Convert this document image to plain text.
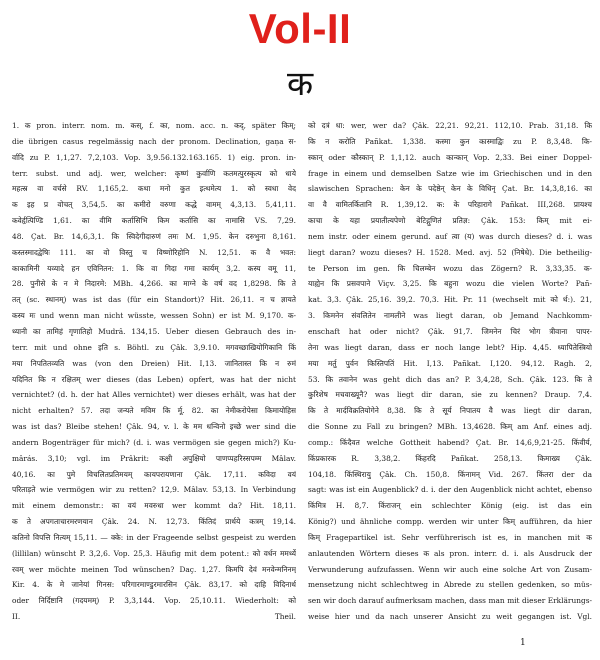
Vol-II
क
1. क pron. interr. nom. m. कस्, f. का, nom. acc. n. कद्, später किम्;
die übrigen casus regelmässig nach der pronom. Declination, gaṇa स-
र्वादि zu P. 1,1,27. 7,2,103. Vop. 3,9.56.132.163.165. 1) eig. pron. in-
terr. subst. und adj. wer, welcher: कृष्णं कुर्वाणि कतमत्पुरस्कृत्य को धाये
महत्स्र वा वर्चसे RV. 1,165,2. कथा मनो कुत इत्थमेत्य 1. को स्वधा वेद
क इह प्र वोचत् 3,54,5. का कमीरो वरुणा कद्धे वामम् 4,3,13. 5,41,11.
कवेर्हृत्पिण्डि 1,61. का वीमि कर्तासिभि किम कर्तासि का नामासि VS. 7,29.
48. Çat. Br. 14,6,3,1. कि स्विदेगीदारुणं तमः M. 1,95. केन दरुभुना 8,161.
कस्तस्मादद्वेषिः 111. का वो विस्तु च विष्णोरिहोनि N. 12,51. क वै भवत:
काकामिनी यव्यादे हन एविनितन: 1. कि वा गिदा गमा कार्यम् 3,2. कस्य वमू 11,
28. पुनीसे के न मे निदारमे: MBh. 4,266. का माग्ने के वर्ष वद 1,8298. कि ते
तत् (sc. स्थानम्) was ist das (für ein Standort)? Hit. 26,11. न च ज्ञायते
कस्य मः und wenn man nicht wüsste, wessen Sohn) er ist M. 9,170. क-
थ्यानी का तामिहं गृणातिहो Mudrâ. 134,15. Ueber diesen Gebrauch des in-
terr. mit und ohne इति s. Böhtl. zu Çâk. 3,9.10. मगवच्छाखियोगिकानि किं
मया निपतितव्यति was (von den Dreien) Hit. I,13. जानितास्त कि न रुमं
यदिनित कि न रक्षितम् wer dieses (das Leben) opfert, was hat der nicht
vernichtet? (d. h. der hat Alles vernichtet) wer dieses erhält, was hat der
nicht erhalten? 57. तदा जन्यते मविम कि र्मू. 82. का नेमीकरोपेसा किमायोहिस
was ist das? Bleibe stehen! Çâk. 94, v. l. के मम धन्विनो इच्छे wer sind die
andern Bogenträger für mich? (d. i. was vermögen sie gegen mich?) Ku-
mârás. 3,10; vgl. im Prâkrit: कक्षी अपुक्षियो पाणप्पहरिस्सपम्म Mâlav.
40,16. का पुमे विचलितप्रतिमयम् कायपरायणाना Çâk. 17,11. कविदा वयं
परिताड़ते wie vermögen wir zu retten? 12,9. Mâlav. 53,13. In Verbindung
mit einem demonstr.: का वयं मवरुधा wer kommt da? Hit. 18,11.
क ते अपगताचारमरणयान Çâk. 24. N. 12,73. किंतिदं प्रार्थये कत्रम् 19,14.
कतिनो विपत्ति नित्यम् 15,11. — क्के: in der Frageende selbst gespeist zu werden
(lillilan) wünscht P. 3,2,6. Vop. 25,3. Häufig mit dem potent.: को वर्धन ममर्थ्ये
रवम् wer möchte meinen Tod wünschen? Daç. 1,27. किमपि देवं मनवेन्मनिनम्
Kir. 4. के मे जानेयां गिनस: परिगारमाण्डुरमारसिन Çâk. 83,17. को दाहि विदिनार्थ
oder निर्दिष्टानि (गदयमम्) P. 3,3,144. Vop. 25,10.11. Wiederholt: को
II. Theil.
को दत्रं धा: wer, wer da? Çâk. 22,21. 92,21. 112,10. Prab. 31,18. कि
कि न करोति Pañkat. 1,338. कस्मा कुन कास्माद्विः zu P. 8,3,48. कि-
स्कान् oder कौस्कान् P. 1,1,12. auch कान्कान् Vop. 2,33. Bei einer Doppel-
frage in einem und demselben Satze wie im Griechischen und in den
slawischen Sprachen: केन के पदेष्ठेन् केन के विधिनृ Çat. Br. 14,3,8,16. का
वा वै वामितर्कितानि R. 1,39,12. क: के परिहारागे Pañkat. III,268. प्रायश्च
काचा के यहा प्रयातीत्यपेणो बेटिद्गुणितं प्रतिज्ञ: Çâk. 153: किम् mit ei-
nem instr. oder einem gerund. auf त्वा (य) was durch dieses? d. i. was
liegt daran? wozu dieses? H. 1528. Med. avj. 52 (निषेधे). Die betheilig-
te Person im gen. कि चिलम्बेन wozu das Zögern? R. 3,33,35. क-
याह्येन कि प्रसवपाने Viçv. 3,25. कि बहुना wozu die vielen Worte? Pañ-
kat. 3,3. Çâk. 25,16. 39,2. 70,3. Hit. Pr. 11 (wechselt mit को र्थ:). 21,
3. किमनेन संवलितेन नामलीने was liegt daran, ob Jemand Nachkomm-
enschaft hat oder nicht? Çâk. 91,7. जिमनेन चिरं भोग त्रीवाना पापर-
तेना was liegt daran, dass er noch lange lebt? Hip. 4,45. ध्यापितेस्त्रियो
मया मर्तु पुर्वन किस्तिपतिं Hit. I,13. Pañkat. I,120. 94,12. Ragh. 2,
53. कि तवानेन was geht dich das an? P. 3,4,28, Sch. Çâk. 123. कि ते
कुरिशेष मचवाख्यूनै? was liegt dir daran, sie zu kennen? Draup. 7,4.
कि ते मार्दविक्रतियोगेने 8,38. कि ते सूर्य निपातय वै was liegt dir daran,
die Sonne zu Fall zu bringen? MBh. 13,4628. किम् am Anf. eines adj.
comp.: किंदैवत welche Gottheit habend? Çat. Br. 14,6,9,21-25. किंवीर्य,
किंप्रकारक R. 3,38,2. किंहरदि Pañkat. 258,13. किमाख्य Çâk.
104,18. किंस्थिरायु Çâk. Ch. 150,8. किंनामन् Vid. 267. किंतरा der da
sagt: was ist ein Augenblick? d. i. der den Augenblick nicht achtet, ebenso
किंमित्र H. 8,7. किंराजन् ein schlechter König (eig. ist das ein
König?) und ähnliche compp. werden wir unter किम् aufführen, da hier
किम् Fragepartikel ist. Sehr verführerisch ist es, in manchen mit क
anlautenden Wörtern dieses क als pron. interr. d. i. als Ausdruck der
Verwunderung aufzufassen. Wenn wir auch eine solche Art von Zusam-
mensetzung nicht schlechtweg in Abrede zu stellen gedenken, so müs-
sen wir doch darauf aufmerksam machen, dass man mit dieser Erklärungs-
weise hier und da nach unserer Ansicht zu weit gegangen ist. Vgl.
1
